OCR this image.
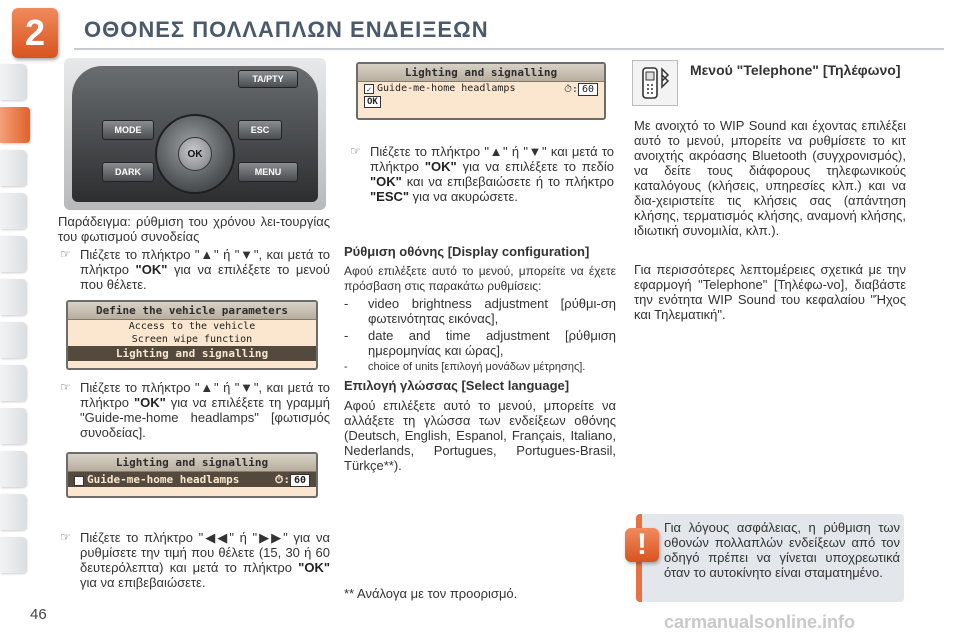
2 ΟΘΟΝΕΣ ΠΟΛΛΑΠΛΩΝ ΕΝΔΕΙΞΕΩΝ
TA/PTY
MODE
DARK
ESC
MENU
OK
Παράδειγμα: ρύθμιση του χρόνου λει-τουργίας του φωτισμού συνοδείας
☞ Πιέζετε το πλήκτρο "▲" ή "▼", και μετά το πλήκτρο "OK" για να επιλέξετε το μενού που θέλετε.
Define the vehicle parameters
Access to the vehicle
Screen wipe function
Lighting and signalling
☞ Πιέζετε το πλήκτρο "▲" ή "▼", και μετά το πλήκτρο "OK" για να επιλέξετε τη γραμμή "Guide-me-home headlamps" [φωτισμός συνοδείας].
Lighting and signalling
✓ Guide-me-home headlamps	⏱: 60
☞ Πιέζετε το πλήκτρο "◀◀" ή "▶▶" για να ρυθμίσετε την τιμή που θέλετε (15, 30 ή 60 δευτερόλεπτα) και μετά το πλήκτρο "OK" για να επιβεβαιώσετε.
Lighting and signalling
✓ Guide-me-home headlamps	⏱: 60
OK
☞ Πιέζετε το πλήκτρο "▲" ή "▼" και μετά το πλήκτρο "OK" για να επιλέξετε το πεδίο "OK" και να επιβεβαιώσετε ή το πλήκτρο "ESC" για να ακυρώσετε.
Ρύθμιση οθόνης [Display configuration]
Αφού επιλέξετε αυτό το μενού, μπορείτε να έχετε πρόσβαση στις παρακάτω ρυθμίσεις:
- video brightness adjustment [ρύθμι-ση φωτεινότητας εικόνας],
- date and time adjustment [ρύθμιση ημερομηνίας και ώρας],
- choice of units [επιλογή μονάδων μέτρησης].
Επιλογή γλώσσας [Select language]
Αφού επιλέξετε αυτό το μενού, μπορείτε να αλλάξετε τη γλώσσα των ενδείξεων οθόνης (Deutsch, English, Espanol, Français, Italiano, Nederlands, Portugues, Portugues-Brasil, Türkçe**).
** Ανάλογα με τον προορισμό.
Μενού "Telephone" [Τηλέφωνο]
Με ανοιχτό το WIP Sound και έχοντας επιλέξει αυτό το μενού, μπορείτε να ρυθμίσετε το κιτ ανοιχτής ακρόασης Bluetooth (συγχρονισμός), να δείτε τους διάφορους τηλεφωνικούς καταλόγους (κλήσεις, υπηρεσίες κλπ.) και να δια-χειριστείτε τις κλήσεις σας (απάντηση κλήσης, τερματισμός κλήσης, αναμονή κλήσης, ιδιωτική συνομιλία, κλπ.).
Για περισσότερες λεπτομέρειες σχετικά με την εφαρμογή "Telephone" [Τηλέφω-νο], διαβάστε την ενότητα WIP Sound του κεφαλαίου "Ήχος και Τηλεματική".
!
Για λόγους ασφάλειας, η ρύθμιση των οθονών πολλαπλών ενδείξεων από τον οδηγό πρέπει να γίνεται υποχρεωτικά όταν το αυτοκίνητο είναι σταματημένο.
46	carmanualsonline.info
